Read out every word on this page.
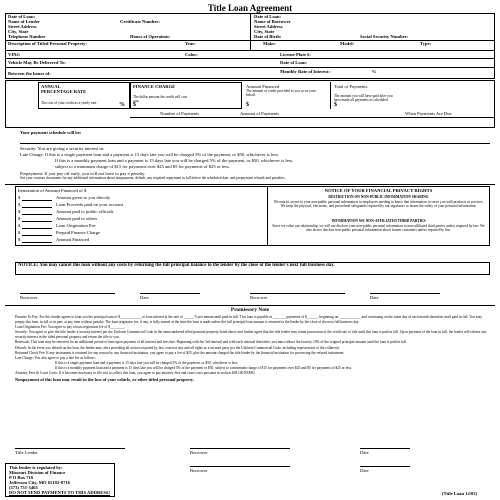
Title Loan Agreement
Date of Loan:
Name of Lender
Street Address
City, State
Telephone Number
Certificate Number:
Hours of Operation:
Date of Loan:
Name of Borrower
Street Address
City, State
Date of Birth:	Social Security Number:
Description of Titled Personal Property:	Year:	Make:	Model:	Type:
VIN#:	Color:	License Plate #:
Vehicle May Be Delivered To:	Date of Loan:
Between the hours of:	Monthly Rate of Interest:	%
ANNUAL PERCENTAGE RATE
The cost of your credit as a yearly rate.	%
FINANCE CHARGE
The dollar amount the credit will cost you.
$
Amount Financed
The amount of credit provided to you or on your behalf.
$
Total of Payments
The amount you will have paid after you have made all payments as scheduled.
$
Number of Payments	Amount of Payments	When Payments Are Due
Your payment schedule will be:
Security: You are giving a security interest in:
Late Charge: If this is a single payment loan and a payment is 15 days late you will be charged 5% of the payment, or $50, whichever is less.
If this is a monthly payment loan and a payment is 15 days late you will be charged 5% of the payment, or $50, whichever is less,
subject to a minimum charge of $15 for payments over $25 and $5 for payments of $25 or less.
Prepayment: If you pay off early, you will not have to pay a penalty.
See your contract documents for any additional information about nonpayment, default, any required repayment in full before the scheduled date, and prepayment refunds and penalties.
Itemization of Amount Financed of $
$	Amount given to you directly
$	Loan Proceeds paid on your account
$	Amount paid to public officials
$	Amount paid to others
$	Loan Origination Fee
$	Prepaid Finance Charge
$	Amount Financed
NOTICE OF YOUR FINANCIAL PRIVACY RIGHTS
RESTRICTION ON NON-PUBLIC INFORMATION SHARING
We restrict access to your non-public personal information to employees needing to know that information to serve you with products or services. We keep the physical, electronic, and procedural safeguards required by our regulators to insure the safety of your personal information.
INFORMATION WE NON-AFFILIATED THIRD PARTIES
Since we value our relationship, we will not disclose your non-public personal information to non-affiliated third parties unless required by law. We also do not disclose non-public personal information about former customers unless required by law.
NOTICE: You may cancel this loan without any costs by returning the full principal balance to the lender by the close of the lender's next full business day.
Borrower	Date	Borrower	Date
Promissory Note
Promise To Pay: For this lender agrees to loan you the principal sum of $____________ to loan interest at the rate of ______% per annum until paid in full. This loan is payable in _______ payments of $______, beginning on ____________ and continuing on the same day of each month thereafter until paid in full. You may prepay this loan, in full or in part, at any time without penalty. The loan originator fee, if any, is fully earned at the time the loan is made unless the full principal loan amount is returned to the lender by the close of the next full business day.
Loan Origination Fee: You agree to pay a loan origination fee of $________.
Security: You agree to give the title lender a security interest per the Uniform Commercial Code in the unencumbered titled personal property listed above and further agree that the title lender may retain possession of the certificate of title until this loan is paid in full. Upon payment of the loan in full, the lender will release any security interest in the titled personal property and return the title to you.
Renewals: This loan may be renewed for an additional period of time upon payment of all interest and fees due. Beginning with the 3rd renewal and with each renewal thereafter, you must reduce the loan by 10% of the original principal amount until the loan is paid in full.
Default: In the event you default on the loan, the lender may, after providing all notices required by law, exercise any and all rights as a secured party per the Uniform Commercial Code, including repossession of the collateral.
Returned Check Fee: If any instrument is returned for any reason by any financial institution, you agree to pay a fee of $25, plus the amount charged the title lender by the financial institution for processing the refused instrument.
Late Charge: You also agree to pay a late fee as follows:
If this is a single payment loan and a payment is 15 days late you will be charged 5% of the payment, or $50, whichever is less.
If this is a monthly payment loan and a payment is 15 days late you will be charged 5% of the payment or $50, subject to a minimum charge of $15 for payments over $25 and $5 for payments of $25 or less.
Attorney Fees & Court Costs: If it becomes necessary to file suit to collect this loan, you agree to pay attorney fees and court costs pursuant to section 408.140 RSMO.
Nonpayment of this loan may result in the loss of your vehicle, or other titled personal property.
Title Lender	Borrower	Date
Borrower	Date
This lender is regulated by:
Missouri Division of Finance
P O Box 716
Jefferson City, MO 65102-0716
(573) 751-3463
DO NOT SEND PAYMENTS TO THIS ADDRESS!	(Title Loan 12/03)
